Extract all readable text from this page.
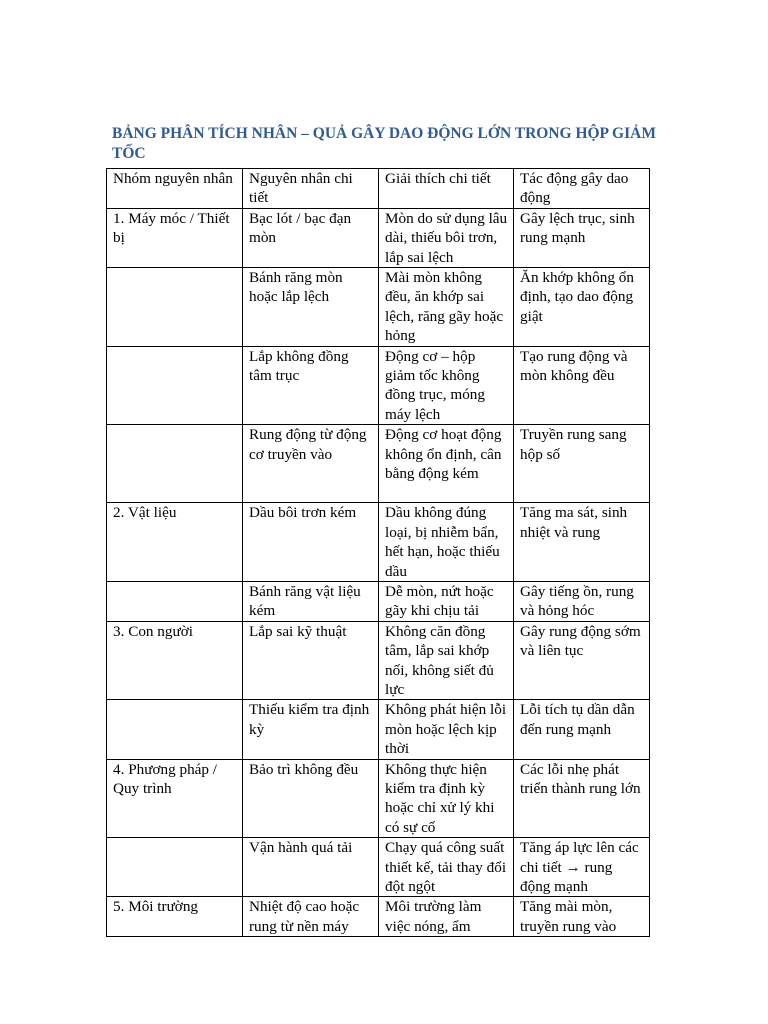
BẢNG PHÂN TÍCH NHÂN – QUẢ GÂY DAO ĐỘNG LỚN TRONG HỘP GIẢM TỐC
Nhóm nguyên nhân	Nguyên nhân chi tiết	Giải thích chi tiết	Tác động gây dao động
1. Máy móc / Thiết bị	Bạc lót / bạc đạn mòn	Mòn do sử dụng lâu dài, thiếu bôi trơn, lắp sai lệch	Gây lệch trục, sinh rung mạnh
	Bánh răng mòn hoặc lắp lệch	Mài mòn không đều, ăn khớp sai lệch, răng gãy hoặc hỏng	Ăn khớp không ổn định, tạo dao động giật
	Lắp không đồng tâm trục	Động cơ – hộp giảm tốc không đồng trục, móng máy lệch	Tạo rung động và mòn không đều
	Rung động từ động cơ truyền vào	Động cơ hoạt động không ổn định, cân bằng động kém	Truyền rung sang hộp số
2. Vật liệu	Dầu bôi trơn kém	Dầu không đúng loại, bị nhiễm bẩn, hết hạn, hoặc thiếu dầu	Tăng ma sát, sinh nhiệt và rung
	Bánh răng vật liệu kém	Dễ mòn, nứt hoặc gãy khi chịu tải	Gây tiếng ồn, rung và hỏng hóc
3. Con người	Lắp sai kỹ thuật	Không căn đồng tâm, lắp sai khớp nối, không siết đủ lực	Gây rung động sớm và liên tục
	Thiếu kiểm tra định kỳ	Không phát hiện lỗi mòn hoặc lệch kịp thời	Lỗi tích tụ dần dẫn đến rung mạnh
4. Phương pháp / Quy trình	Bảo trì không đều	Không thực hiện kiểm tra định kỳ hoặc chỉ xử lý khi có sự cố	Các lỗi nhẹ phát triển thành rung lớn
	Vận hành quá tải	Chạy quá công suất thiết kế, tải thay đổi đột ngột	Tăng áp lực lên các chi tiết → rung động mạnh
5. Môi trường	Nhiệt độ cao hoặc rung từ nền máy	Môi trường làm việc nóng, ẩm	Tăng mài mòn, truyền rung vào
